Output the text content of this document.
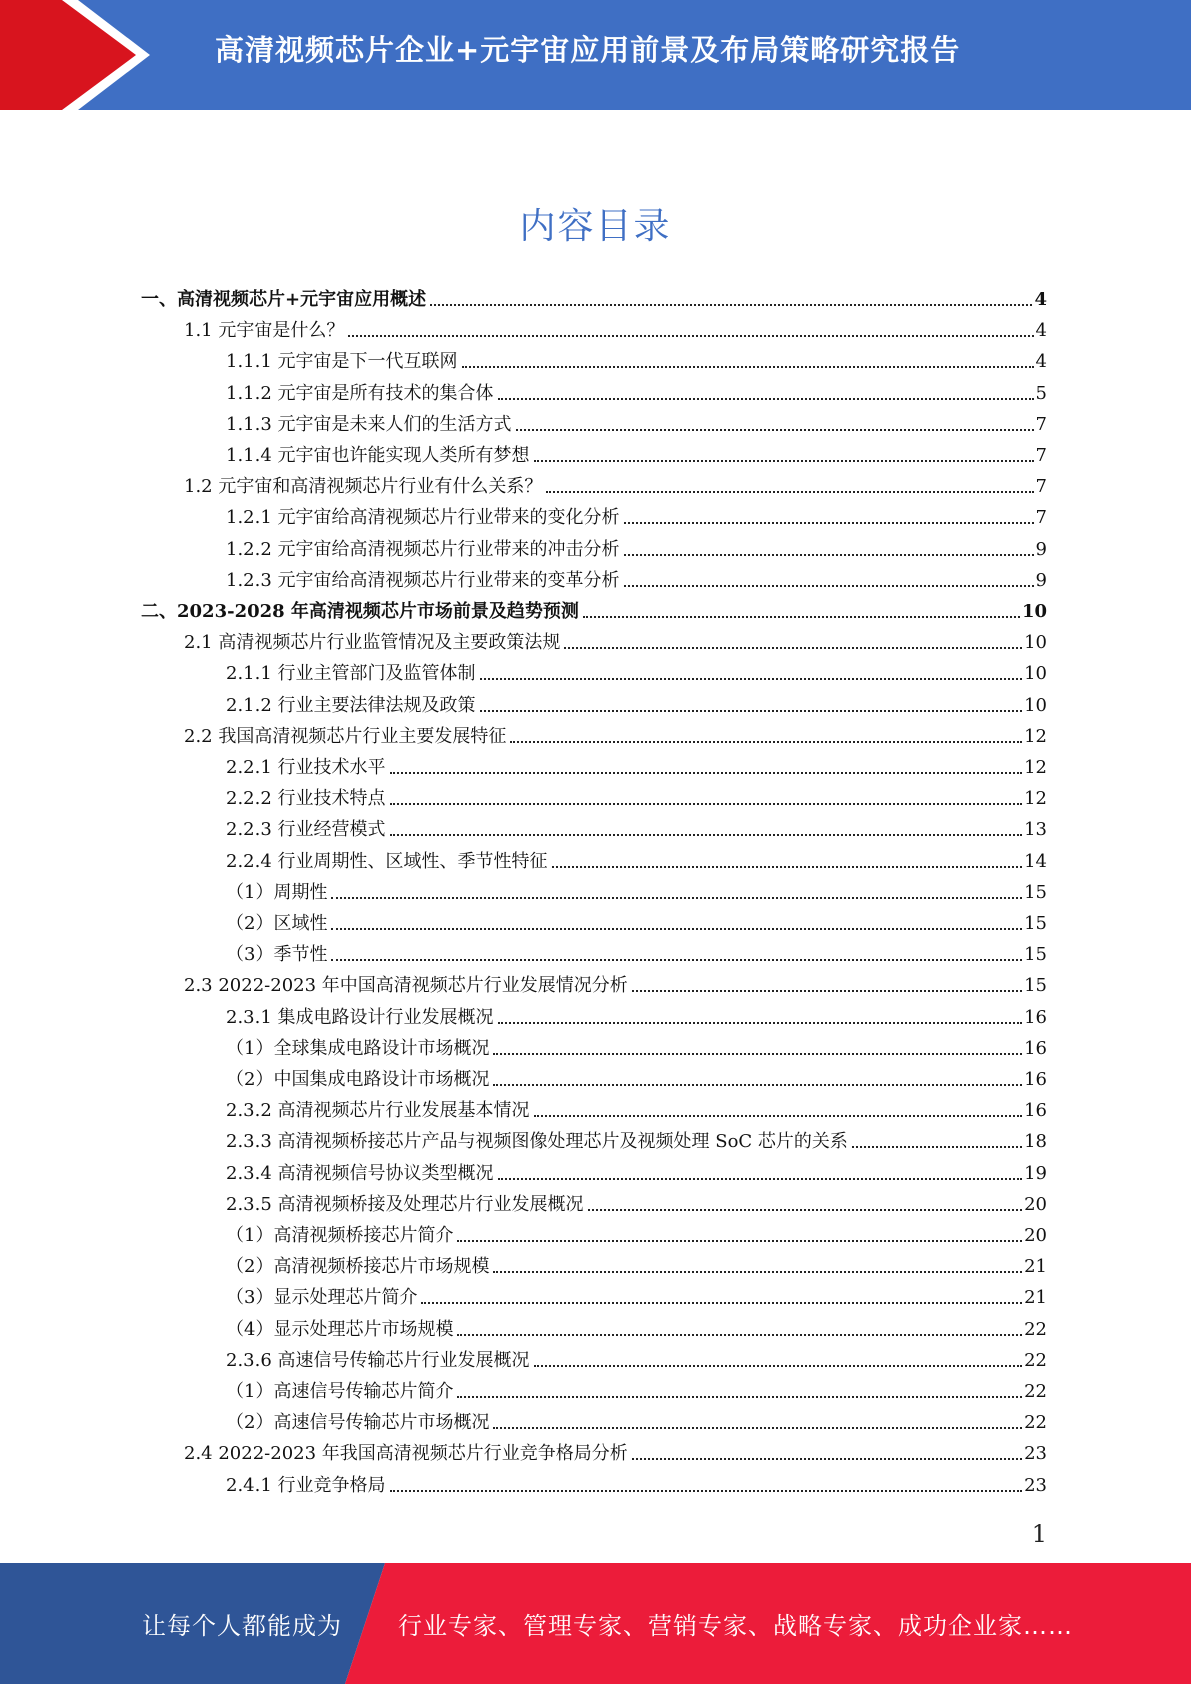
高清视频芯片企业+元宇宙应用前景及布局策略研究报告
内容目录
一、高清视频芯片+元宇宙应用概述	4
1.1 元宇宙是什么？	4
1.1.1 元宇宙是下一代互联网	4
1.1.2 元宇宙是所有技术的集合体	5
1.1.3 元宇宙是未来人们的生活方式	7
1.1.4 元宇宙也许能实现人类所有梦想	7
1.2 元宇宙和高清视频芯片行业有什么关系？	7
1.2.1 元宇宙给高清视频芯片行业带来的变化分析	7
1.2.2 元宇宙给高清视频芯片行业带来的冲击分析	9
1.2.3 元宇宙给高清视频芯片行业带来的变革分析	9
二、2023-2028 年高清视频芯片市场前景及趋势预测	10
2.1 高清视频芯片行业监管情况及主要政策法规	10
2.1.1 行业主管部门及监管体制	10
2.1.2 行业主要法律法规及政策	10
2.2 我国高清视频芯片行业主要发展特征	12
2.2.1 行业技术水平	12
2.2.2 行业技术特点	12
2.2.3 行业经营模式	13
2.2.4 行业周期性、区域性、季节性特征	14
（1）周期性	15
（2）区域性	15
（3）季节性	15
2.3 2022-2023 年中国高清视频芯片行业发展情况分析	15
2.3.1 集成电路设计行业发展概况	16
（1）全球集成电路设计市场概况	16
（2）中国集成电路设计市场概况	16
2.3.2 高清视频芯片行业发展基本情况	16
2.3.3 高清视频桥接芯片产品与视频图像处理芯片及视频处理 SoC 芯片的关系	18
2.3.4 高清视频信号协议类型概况	19
2.3.5 高清视频桥接及处理芯片行业发展概况	20
（1）高清视频桥接芯片简介	20
（2）高清视频桥接芯片市场规模	21
（3）显示处理芯片简介	21
（4）显示处理芯片市场规模	22
2.3.6 高速信号传输芯片行业发展概况	22
（1）高速信号传输芯片简介	22
（2）高速信号传输芯片市场概况	22
2.4 2022-2023 年我国高清视频芯片行业竞争格局分析	23
2.4.1 行业竞争格局	23
1
让每个人都能成为 行业专家、管理专家、营销专家、战略专家、成功企业家……
